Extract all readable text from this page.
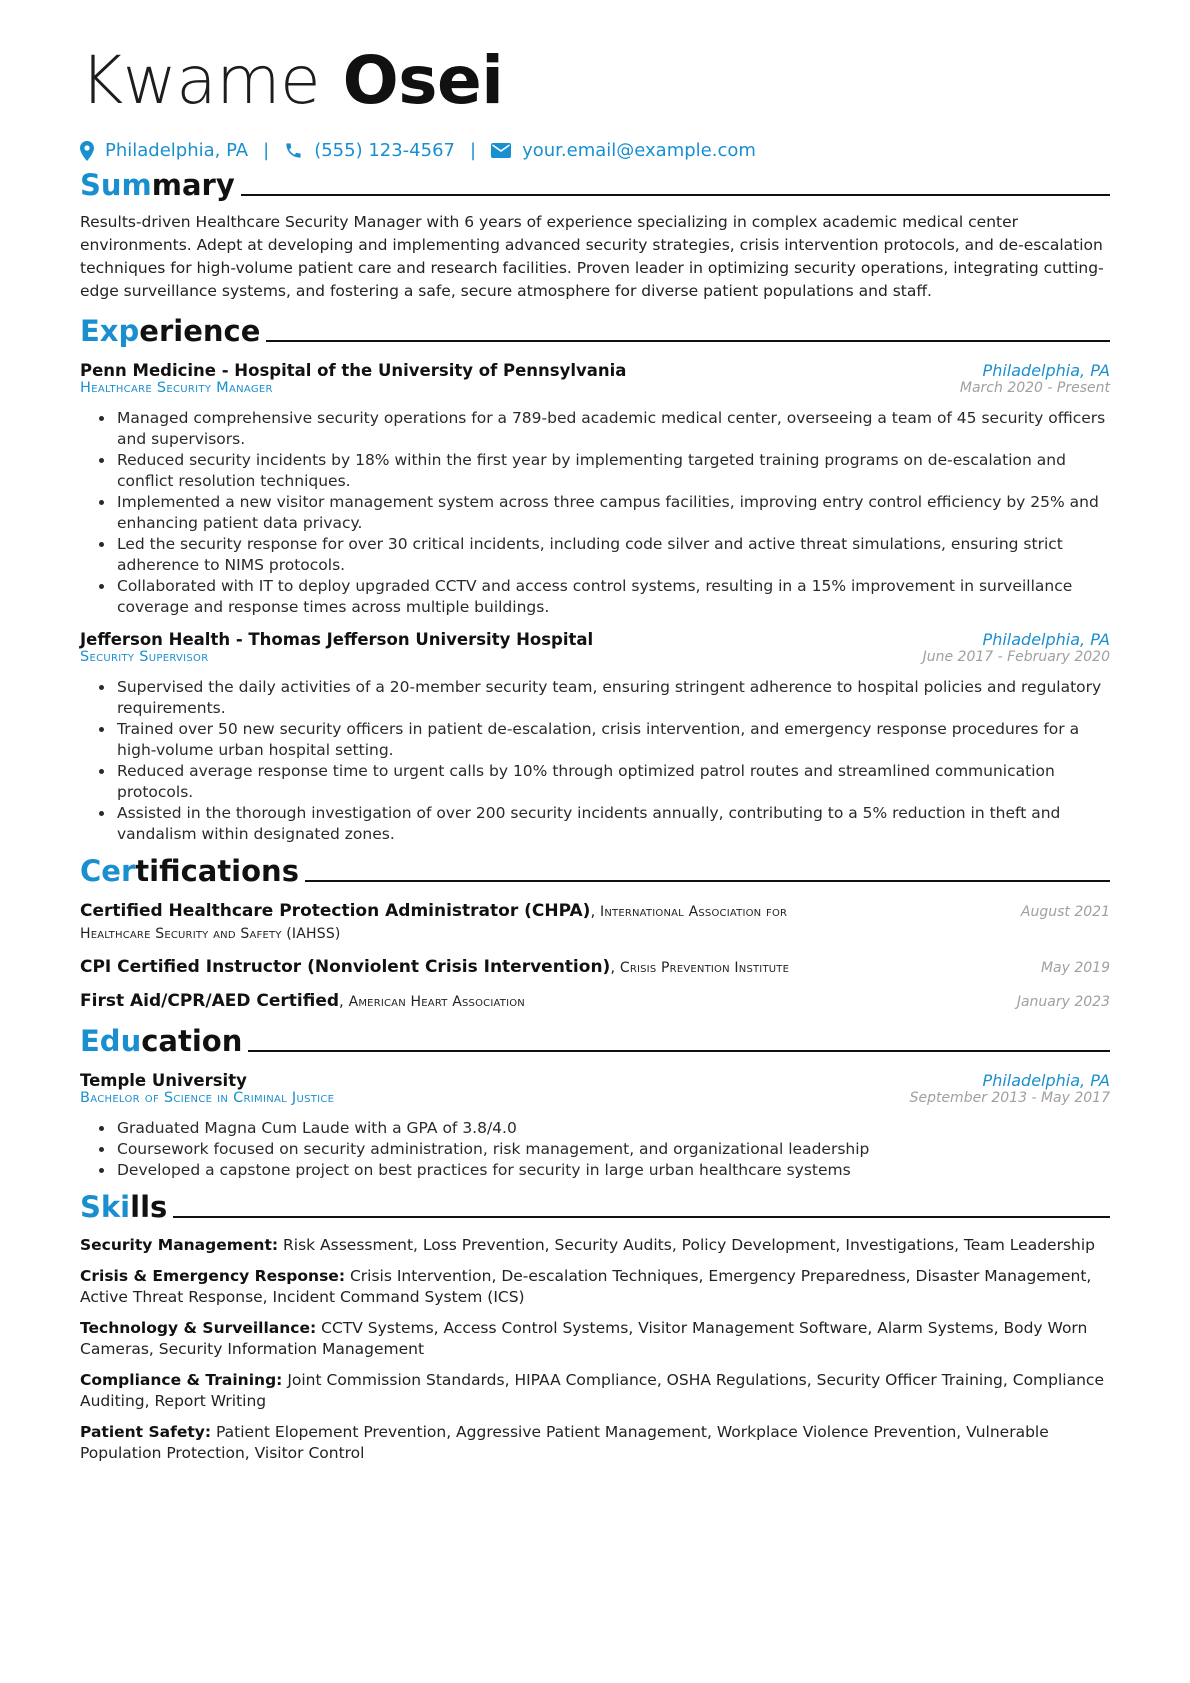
Kwame Osei
Philadelphia, PA |	(555) 123-4567 |	your.email@example.com
Summary

Results-driven Healthcare Security Manager with 6 years of experience specializing in complex academic medical center environments. Adept at developing and implementing advanced security strategies, crisis intervention protocols, and de-escalation techniques for high-volume patient care and research facilities. Proven leader in optimizing security operations, integrating cutting-edge surveillance systems, and fostering a safe, secure atmosphere for diverse patient populations and staff.

Experience
Penn Medicine - Hospital of the University of Pennsylvania	Philadelphia, PA
Healthcare Security Manager	March 2020 - Present
• Managed comprehensive security operations for a 789-bed academic medical center, overseeing a team of 45 security officers and supervisors.
• Reduced security incidents by 18% within the first year by implementing targeted training programs on de-escalation and conflict resolution techniques.
• Implemented a new visitor management system across three campus facilities, improving entry control efficiency by 25% and enhancing patient data privacy.
• Led the security response for over 30 critical incidents, including code silver and active threat simulations, ensuring strict adherence to NIMS protocols.
• Collaborated with IT to deploy upgraded CCTV and access control systems, resulting in a 15% improvement in surveillance coverage and response times across multiple buildings.
Jefferson Health - Thomas Jefferson University Hospital	Philadelphia, PA
Security Supervisor	June 2017 - February 2020
• Supervised the daily activities of a 20-member security team, ensuring stringent adherence to hospital policies and regulatory requirements.
• Trained over 50 new security officers in patient de-escalation, crisis intervention, and emergency response procedures for a high-volume urban hospital setting.
• Reduced average response time to urgent calls by 10% through optimized patrol routes and streamlined communication protocols.
• Assisted in the thorough investigation of over 200 security incidents annually, contributing to a 5% reduction in theft and vandalism within designated zones.
Certifications
Certified Healthcare Protection Administrator (CHPA), International Association for Healthcare Security and Safety (IAHSS)
August 2021
CPI Certified Instructor (Nonviolent Crisis Intervention), Crisis Prevention Institute	May 2019
First Aid/CPR/AED Certified, American Heart Association	January 2023
Education
Temple University	Philadelphia, PA
Bachelor of Science in Criminal Justice	September 2013 - May 2017
• Graduated Magna Cum Laude with a GPA of 3.8/4.0
• Coursework focused on security administration, risk management, and organizational leadership
• Developed a capstone project on best practices for security in large urban healthcare systems
Skills
Security Management: Risk Assessment, Loss Prevention, Security Audits, Policy Development, Investigations, Team Leadership
Crisis & Emergency Response: Crisis Intervention, De-escalation Techniques, Emergency Preparedness, Disaster Management, Active Threat Response, Incident Command System (ICS)
Technology & Surveillance: CCTV Systems, Access Control Systems, Visitor Management Software, Alarm Systems, Body Worn Cameras, Security Information Management
Compliance & Training: Joint Commission Standards, HIPAA Compliance, OSHA Regulations, Security Officer Training, Compliance Auditing, Report Writing
Patient Safety: Patient Elopement Prevention, Aggressive Patient Management, Workplace Violence Prevention, Vulnerable Population Protection, Visitor Control
